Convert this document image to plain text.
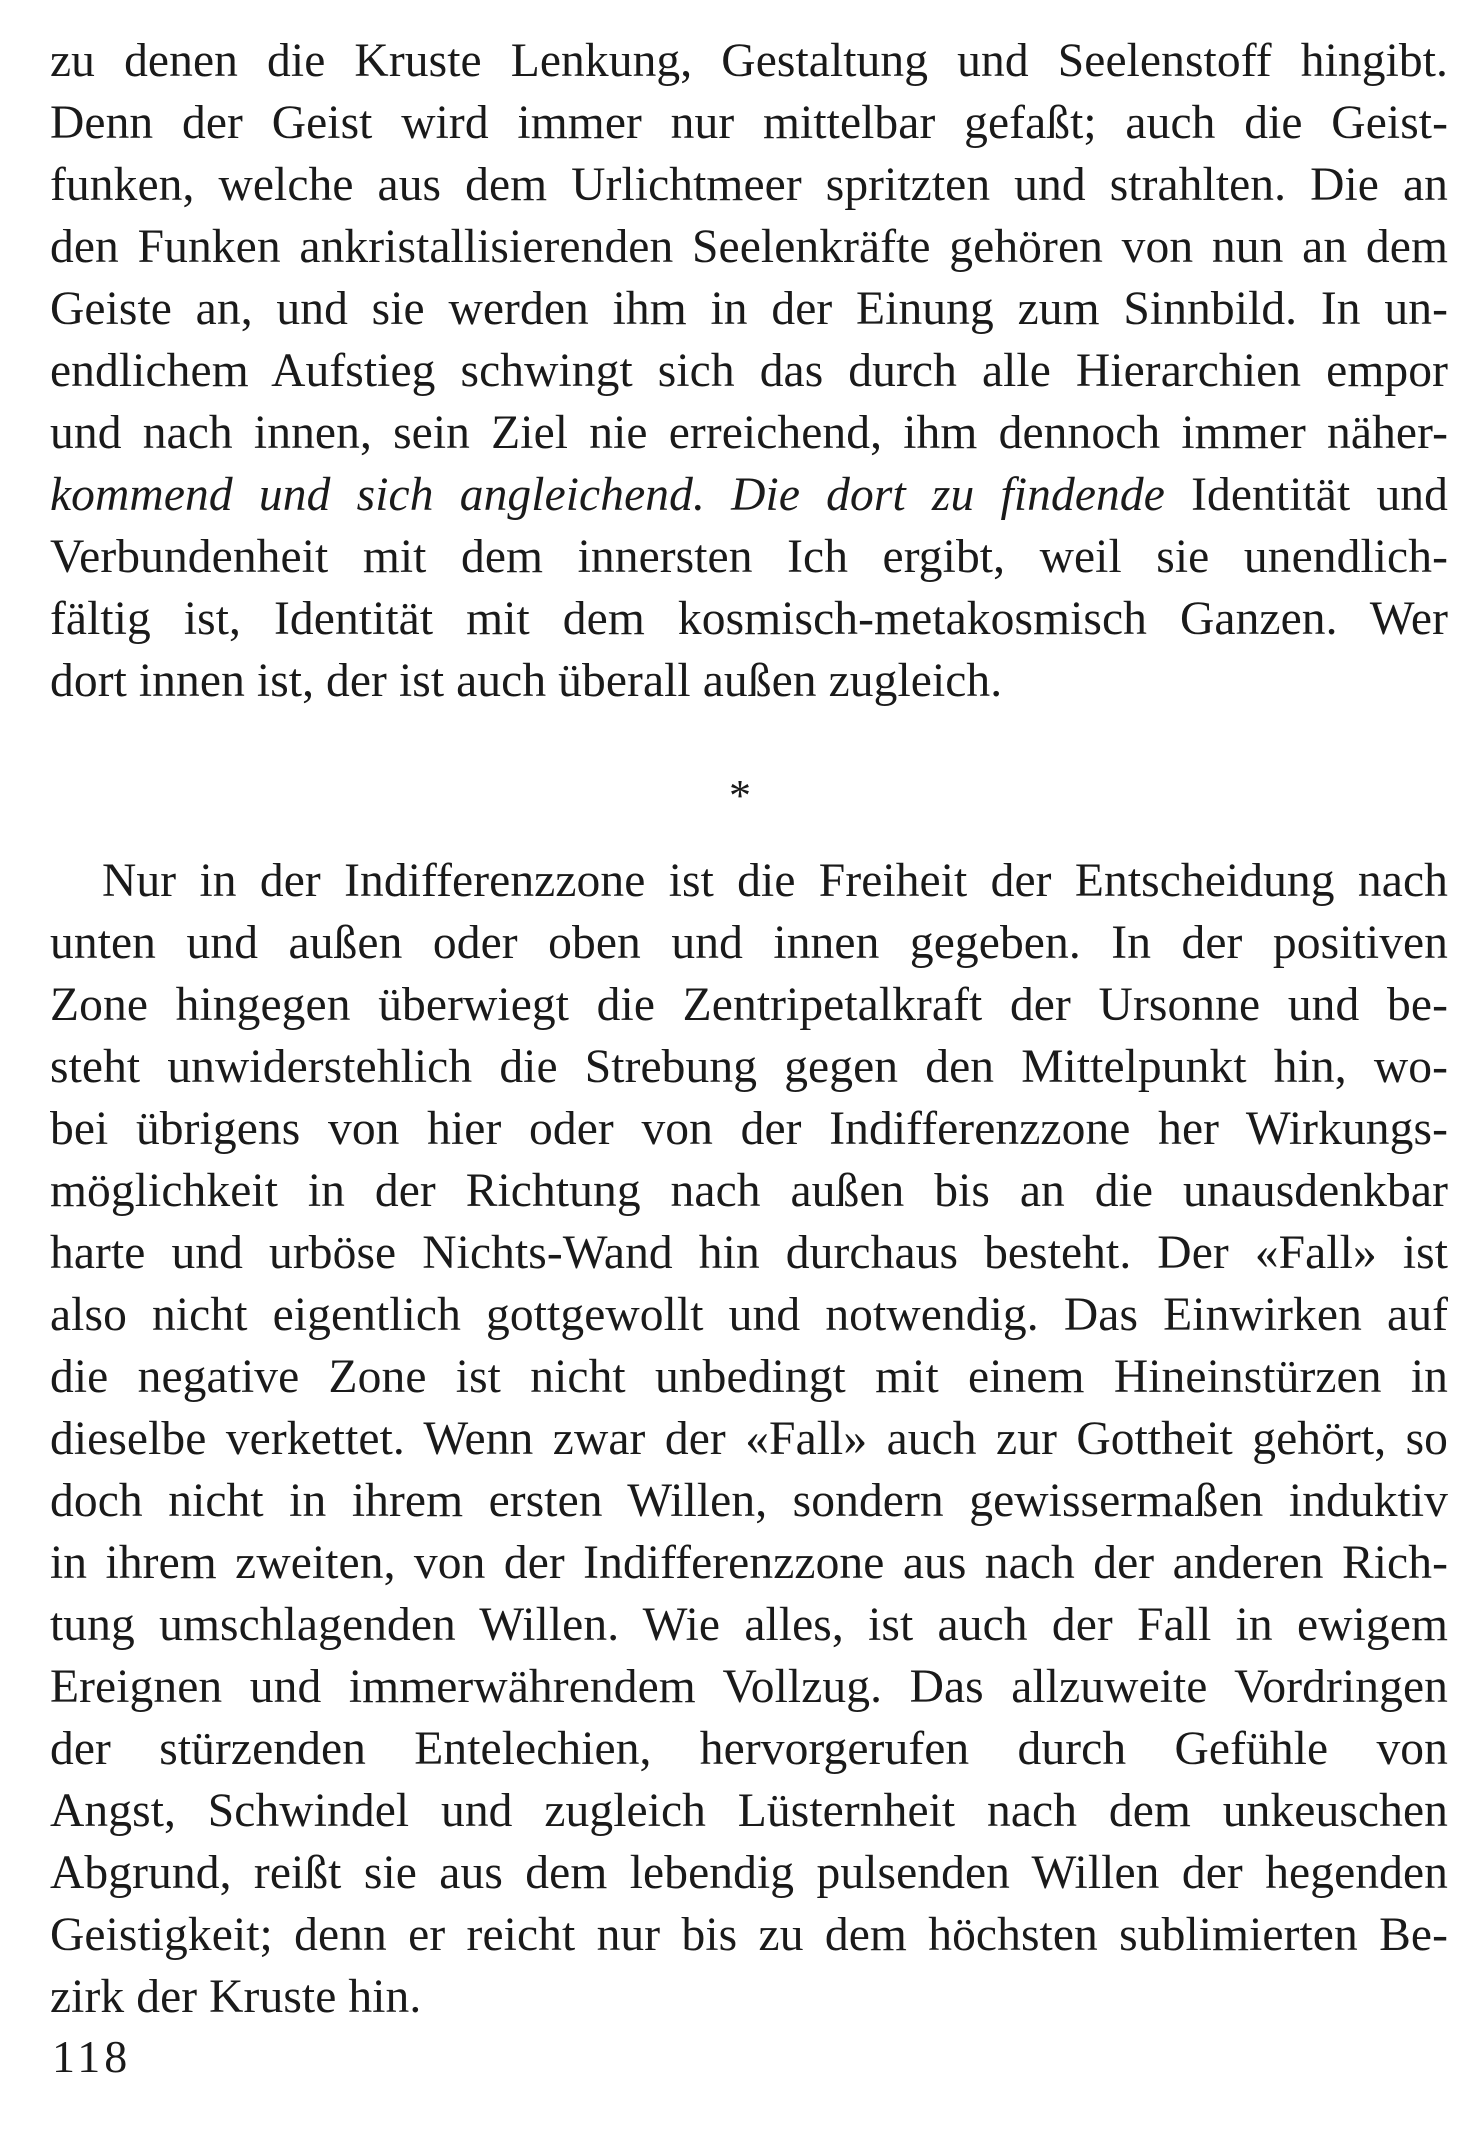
zu denen die Kruste Lenkung, Gestaltung und Seelenstoff hingibt.
Denn der Geist wird immer nur mittelbar gefaßt; auch die Geist-
funken, welche aus dem Urlichtmeer spritzten und strahlten. Die an
den Funken ankristallisierenden Seelenkräfte gehören von nun an dem
Geiste an, und sie werden ihm in der Einung zum Sinnbild. In un-
endlichem Aufstieg schwingt sich das durch alle Hierarchien empor
und nach innen, sein Ziel nie erreichend, ihm dennoch immer näher-
kommend und sich angleichend. Die dort zu findende Identität und
Verbundenheit mit dem innersten Ich ergibt, weil sie unendlich-
fältig ist, Identität mit dem kosmisch-metakosmisch Ganzen. Wer
dort innen ist, der ist auch überall außen zugleich.
*
Nur in der Indifferenzzone ist die Freiheit der Entscheidung nach
unten und außen oder oben und innen gegeben. In der positiven
Zone hingegen überwiegt die Zentripetalkraft der Ursonne und be-
steht unwiderstehlich die Strebung gegen den Mittelpunkt hin, wo-
bei übrigens von hier oder von der Indifferenzzone her Wirkungs-
möglichkeit in der Richtung nach außen bis an die unausdenkbar
harte und urböse Nichts-Wand hin durchaus besteht. Der «Fall» ist
also nicht eigentlich gottgewollt und notwendig. Das Einwirken auf
die negative Zone ist nicht unbedingt mit einem Hineinstürzen in
dieselbe verkettet. Wenn zwar der «Fall» auch zur Gottheit gehört, so
doch nicht in ihrem ersten Willen, sondern gewissermaßen induktiv
in ihrem zweiten, von der Indifferenzzone aus nach der anderen Rich-
tung umschlagenden Willen. Wie alles, ist auch der Fall in ewigem
Ereignen und immerwährendem Vollzug. Das allzuweite Vordringen
der stürzenden Entelechien, hervorgerufen durch Gefühle von
Angst, Schwindel und zugleich Lüsternheit nach dem unkeuschen
Abgrund, reißt sie aus dem lebendig pulsenden Willen der hegenden
Geistigkeit; denn er reicht nur bis zu dem höchsten sublimierten Be-
zirk der Kruste hin.
118
